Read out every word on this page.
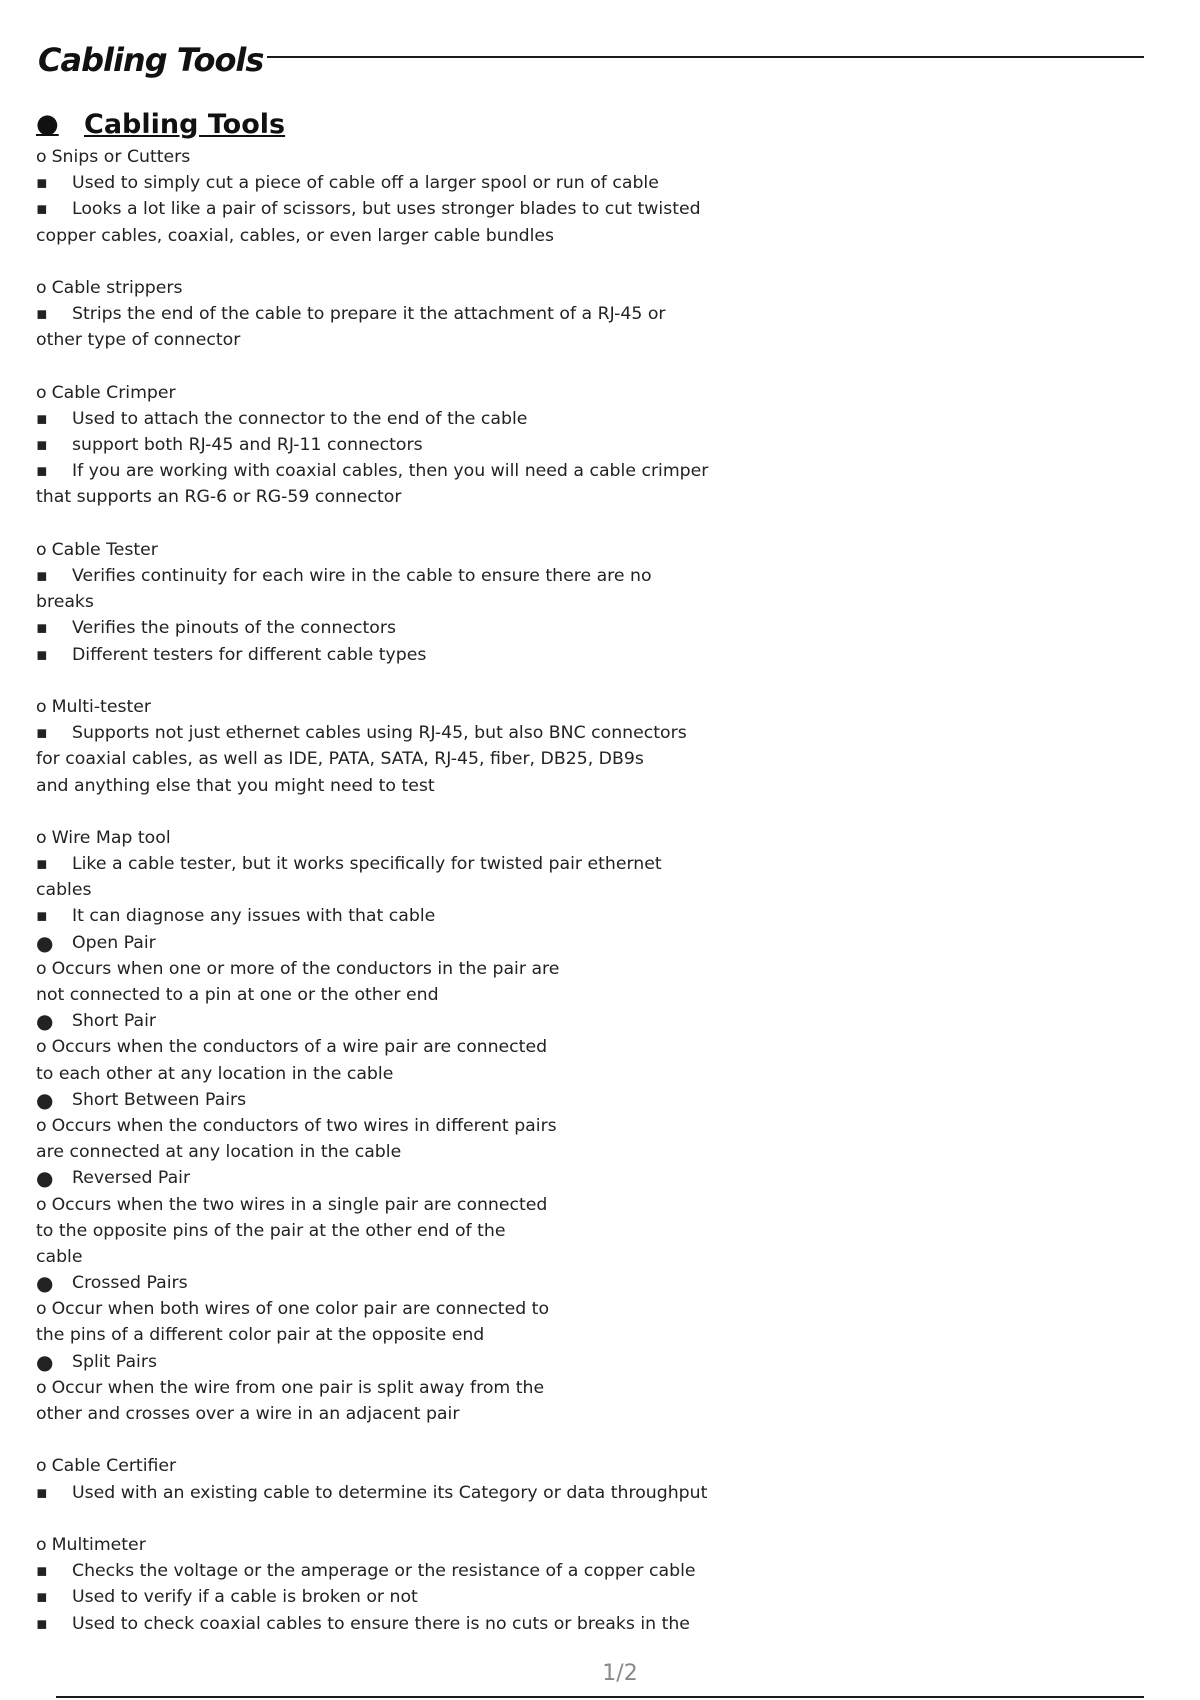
Cabling Tools
● Cabling Tools
o Snips or Cutters
▪	Used to simply cut a piece of cable off a larger spool or run of cable
▪	Looks a lot like a pair of scissors, but uses stronger blades to cut twisted
copper cables, coaxial, cables, or even larger cable bundles
o Cable strippers
▪	Strips the end of the cable to prepare it the attachment of a RJ-45 or
other type of connector
o Cable Crimper
▪	Used to attach the connector to the end of the cable
▪	support both RJ-45 and RJ-11 connectors
▪	If you are working with coaxial cables, then you will need a cable crimper
that supports an RG-6 or RG-59 connector
o Cable Tester
▪	Verifies continuity for each wire in the cable to ensure there are no
breaks
▪	Verifies the pinouts of the connectors
▪	Different testers for different cable types
o Multi-tester
▪	Supports not just ethernet cables using RJ-45, but also BNC connectors
for coaxial cables, as well as IDE, PATA, SATA, RJ-45, fiber, DB25, DB9s
and anything else that you might need to test
o Wire Map tool
▪	Like a cable tester, but it works specifically for twisted pair ethernet
cables
▪	It can diagnose any issues with that cable
●	Open Pair
o Occurs when one or more of the conductors in the pair are
not connected to a pin at one or the other end
●	Short Pair
o Occurs when the conductors of a wire pair are connected
to each other at any location in the cable
●	Short Between Pairs
o Occurs when the conductors of two wires in different pairs
are connected at any location in the cable
●	Reversed Pair
o Occurs when the two wires in a single pair are connected
to the opposite pins of the pair at the other end of the
cable
●	Crossed Pairs
o Occur when both wires of one color pair are connected to
the pins of a different color pair at the opposite end
●	Split Pairs
o Occur when the wire from one pair is split away from the
other and crosses over a wire in an adjacent pair
o Cable Certifier
▪	Used with an existing cable to determine its Category or data throughput
o Multimeter
▪	Checks the voltage or the amperage or the resistance of a copper cable
▪	Used to verify if a cable is broken or not
▪	Used to check coaxial cables to ensure there is no cuts or breaks in the
1/2
